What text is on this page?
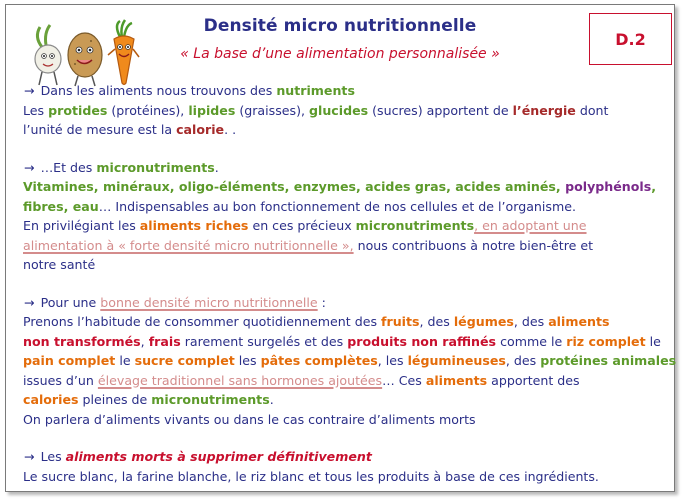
Densité micro nutritionnelle
« La base d’une alimentation personnalisée »
D.2
→ Dans les aliments nous trouvons des nutriments
Les protides (protéines), lipides (graisses), glucides (sucres) apportent de l’énergie dont
l’unité de mesure est la calorie. .
→ …Et des micronutriments.
Vitamines, minéraux, oligo-éléments, enzymes, acides gras, acides aminés, polyphénols,
fibres, eau… Indispensables au bon fonctionnement de nos cellules et de l’organisme.
En privilégiant les aliments riches en ces précieux micronutriments, en adoptant une
alimentation à « forte densité micro nutritionnelle », nous contribuons à notre bien-être et
notre santé
→ Pour une bonne densité micro nutritionnelle :
Prenons l’habitude de consommer quotidiennement des fruits, des légumes, des aliments
non transformés, frais rarement surgelés et des produits non raffinés comme le riz complet le
pain complet le sucre complet les pâtes complètes, les légumineuses, des protéines animales
issues d’un élevage traditionnel sans hormones ajoutées… Ces aliments apportent des
calories pleines de micronutriments.
On parlera d’aliments vivants ou dans le cas contraire d’aliments morts
→ Les aliments morts à supprimer définitivement
Le sucre blanc, la farine blanche, le riz blanc et tous les produits à base de ces ingrédients.
